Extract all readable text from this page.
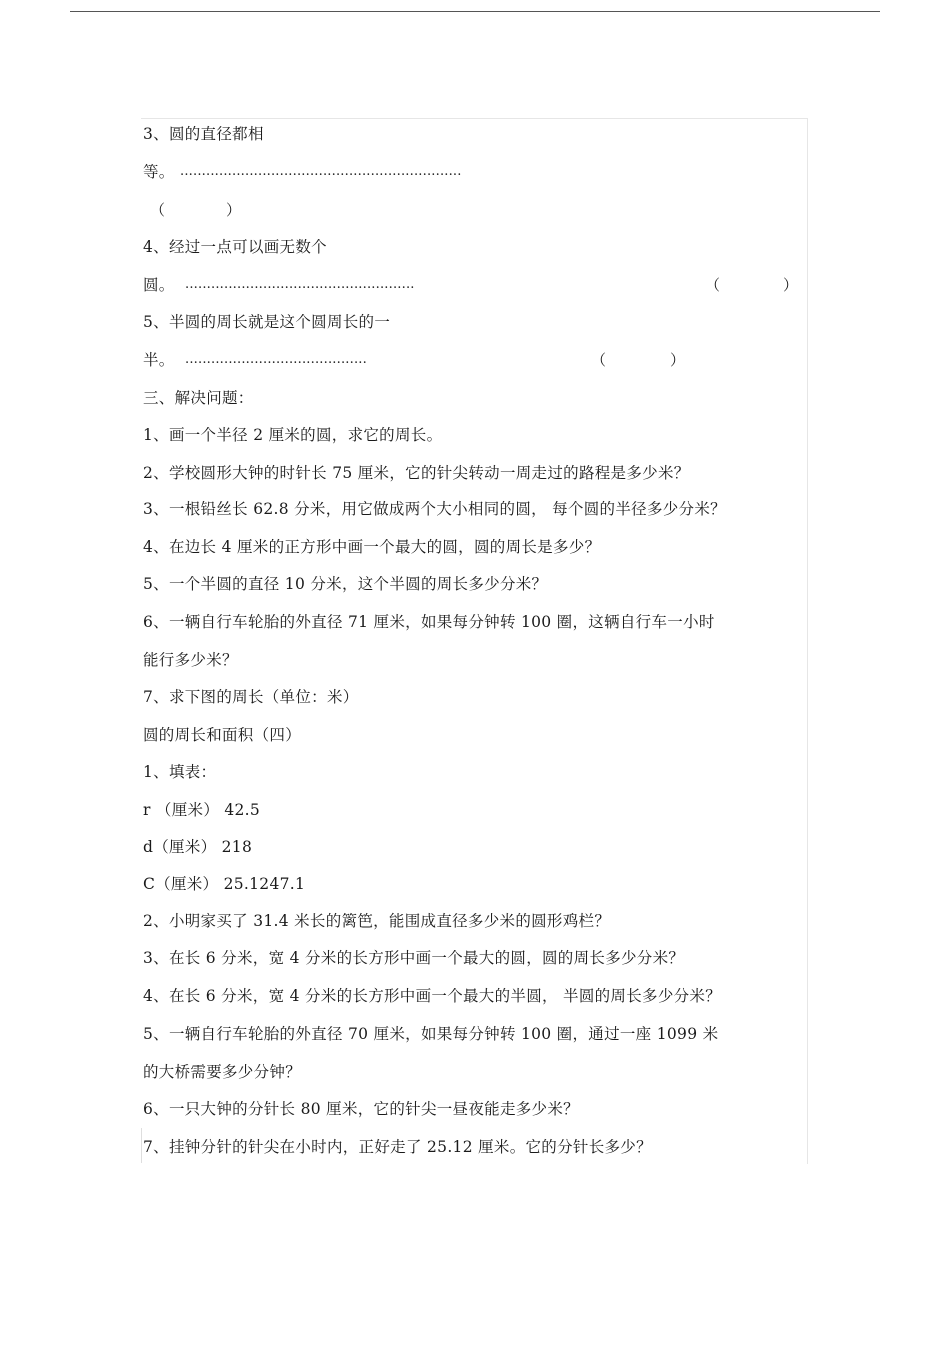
3、圆的直径都相
等。 .................................................................
（	）
4、经过一点可以画无数个
圆。 .....................................................	（	）
5、半圆的周长就是这个圆周长的一
半。 ..........................................	（	）
三、解决问题：
1、画一个半径 2 厘米的圆，求它的周长。
2、学校圆形大钟的时针长 75 厘米，它的针尖转动一周走过的路程是多少米？
3、一根铅丝长 62.8 分米，用它做成两个大小相同的圆， 每个圆的半径多少分米？
4、在边长 4 厘米的正方形中画一个最大的圆，圆的周长是多少？
5、一个半圆的直径 10 分米，这个半圆的周长多少分米？
6、一辆自行车轮胎的外直径 71 厘米，如果每分钟转 100 圈，这辆自行车一小时
能行多少米？
7、求下图的周长（单位：米）
圆的周长和面积（四）
1、填表：
r （厘米） 42.5
d（厘米） 218
C（厘米） 25.1247.1
2、小明家买了 31.4 米长的篱笆，能围成直径多少米的圆形鸡栏？
3、在长 6 分米，宽 4 分米的长方形中画一个最大的圆，圆的周长多少分米？
4、在长 6 分米，宽 4 分米的长方形中画一个最大的半圆， 半圆的周长多少分米？
5、一辆自行车轮胎的外直径 70 厘米，如果每分钟转 100 圈，通过一座 1099 米
的大桥需要多少分钟？
6、一只大钟的分针长 80 厘米，它的针尖一昼夜能走多少米？
7、挂钟分针的针尖在小时内，正好走了 25.12 厘米。它的分针长多少？
